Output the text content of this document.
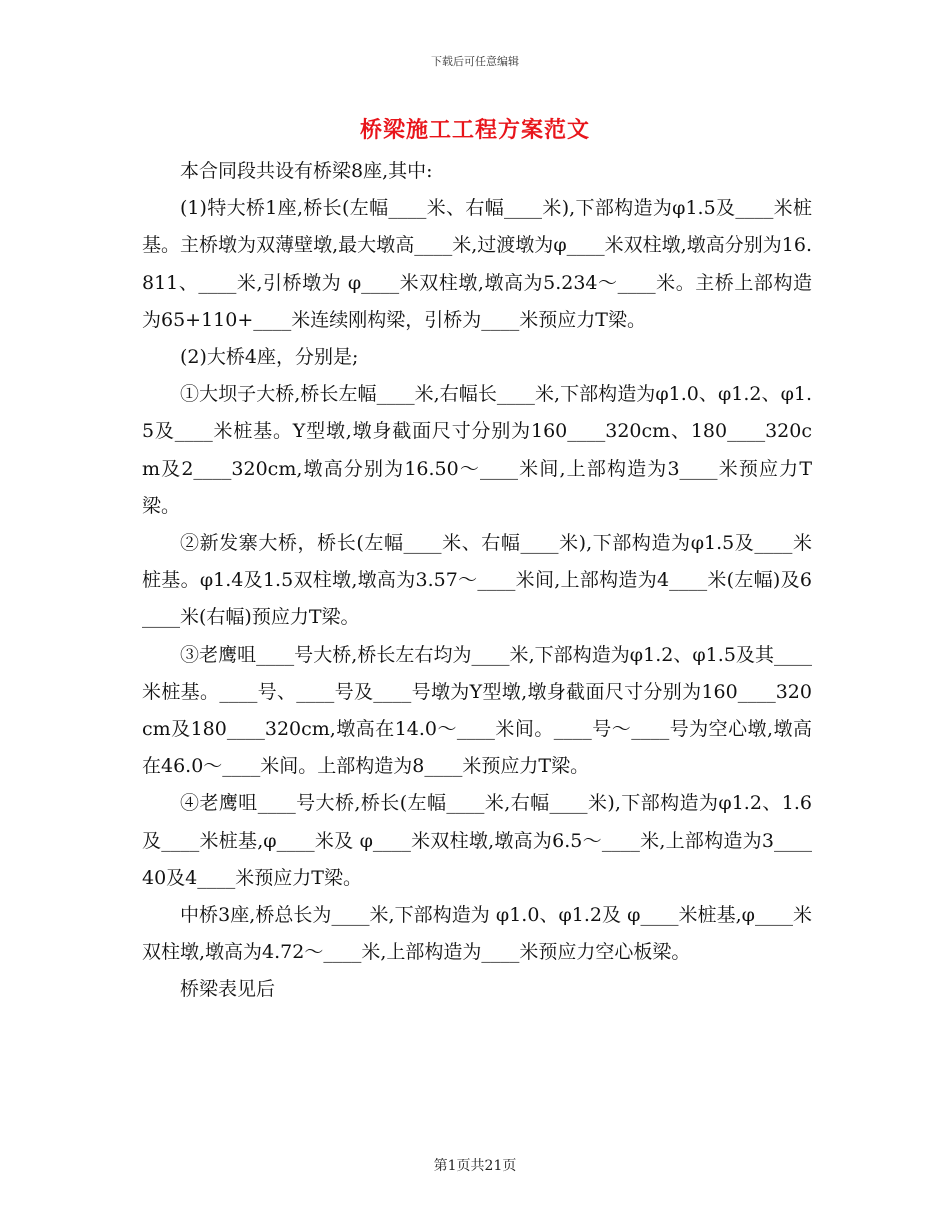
下载后可任意编辑
桥梁施工工程方案范文

本合同段共设有桥梁8座,其中:

(1)特大桥1座,桥长(左幅____米、右幅____米),下部构造为φ1.5及____米桩基。主桥墩为双薄壁墩,最大墩高____米,过渡墩为φ____米双柱墩,墩高分别为16.811、____米,引桥墩为 φ____米双柱墩,墩高为5.234～____米。主桥上部构造为65+110+____米连续刚构梁，引桥为____米预应力T梁。

(2)大桥4座，分别是;

①大坝子大桥,桥长左幅____米,右幅长____米,下部构造为φ1.0、φ1.2、φ1.5及____米桩基。Y型墩,墩身截面尺寸分别为160____320cm、180____320cm及2____320cm,墩高分别为16.50～____米间,上部构造为3____米预应力T梁。

②新发寨大桥，桥长(左幅____米、右幅____米),下部构造为φ1.5及____米桩基。φ1.4及1.5双柱墩,墩高为3.57～____米间,上部构造为4____米(左幅)及6____米(右幅)预应力T梁。

③老鹰咀____号大桥,桥长左右均为____米,下部构造为φ1.2、φ1.5及其____米桩基。____号、____号及____号墩为Y型墩,墩身截面尺寸分别为160____320cm及180____320cm,墩高在14.0～____米间。____号～____号为空心墩,墩高在46.0～____米间。上部构造为8____米预应力T梁。

④老鹰咀____号大桥,桥长(左幅____米,右幅____米),下部构造为φ1.2、1.6及____米桩基,φ____米及 φ____米双柱墩,墩高为6.5～____米,上部构造为3____40及4____米预应力T梁。

中桥3座,桥总长为____米,下部构造为 φ1.0、φ1.2及 φ____米桩基,φ____米双柱墩,墩高为4.72～____米,上部构造为____米预应力空心板梁。

桥梁表见后

第1页共21页
